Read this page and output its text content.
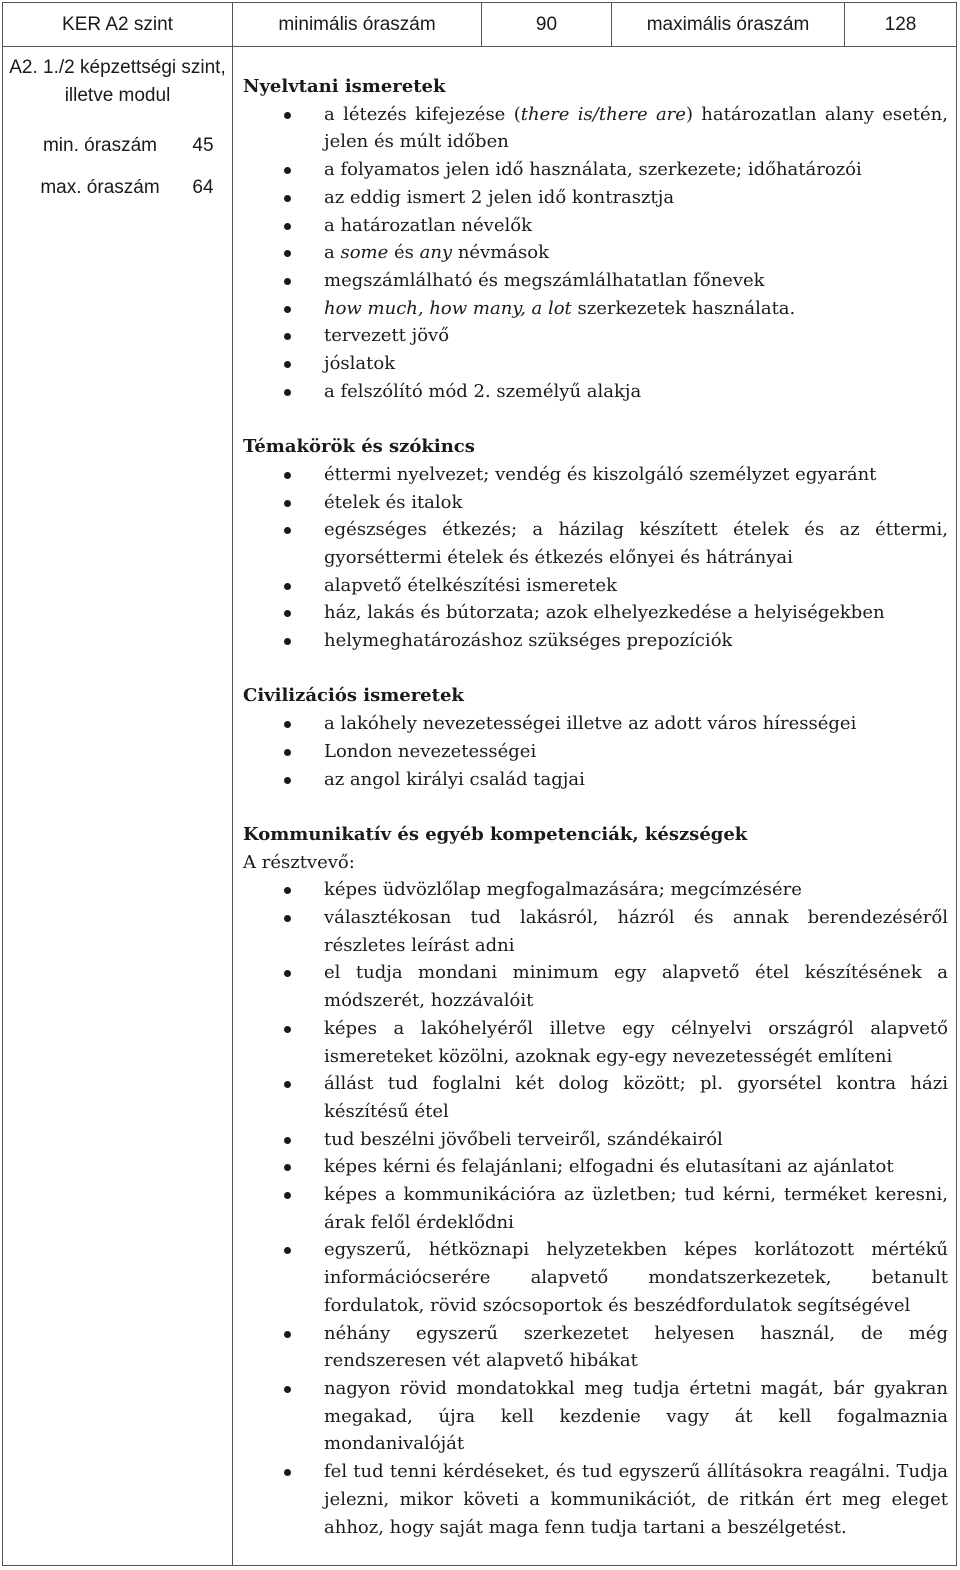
KER A2 szint	minimális óraszám	90	maximális óraszám	128
A2. 1./2 képzettségi szint, illetve modul
min. óraszám	45
max. óraszám	64
Nyelvtani ismeretek
a létezés kifejezése (there is/there are) határozatlan alany esetén, jelen és múlt időben
a folyamatos jelen idő használata, szerkezete; időhatározói
az eddig ismert 2 jelen idő kontrasztja
a határozatlan névelők
a some és any névmások
megszámlálható és megszámlálhatatlan főnevek
how much, how many, a lot szerkezetek használata.
tervezett jövő
jóslatok
a felszólító mód 2. személyű alakja
Témakörök és szókincs
éttermi nyelvezet; vendég és kiszolgáló személyzet egyaránt
ételek és italok
egészséges étkezés; a házilag készített ételek és az éttermi, gyorséttermi ételek és étkezés előnyei és hátrányai
alapvető ételkészítési ismeretek
ház, lakás és bútorzata; azok elhelyezkedése a helyiségekben
helymeghatározáshoz szükséges prepozíciók
Civilizációs ismeretek
a lakóhely nevezetességei illetve az adott város hírességei
London nevezetességei
az angol királyi család tagjai
Kommunikatív és egyéb kompetenciák, készségek
A résztvevő:
képes üdvözlőlap megfogalmazására; megcímzésére
választékosan tud lakásról, házról és annak berendezéséről részletes leírást adni
el tudja mondani minimum egy alapvető étel készítésének a módszerét, hozzávalóit
képes a lakóhelyéről illetve egy célnyelvi országról alapvető ismereteket közölni, azoknak egy-egy nevezetességét említeni
állást tud foglalni két dolog között; pl. gyorsétel kontra házi készítésű étel
tud beszélni jövőbeli terveiről, szándékairól
képes kérni és felajánlani; elfogadni és elutasítani az ajánlatot
képes a kommunikációra az üzletben; tud kérni, terméket keresni, árak felől érdeklődni
egyszerű, hétköznapi helyzetekben képes korlátozott mértékű információcserére alapvető mondatszerkezetek, betanult fordulatok, rövid szócsoportok és beszédfordulatok segítségével
néhány egyszerű szerkezetet helyesen használ, de még rendszeresen vét alapvető hibákat
nagyon rövid mondatokkal meg tudja értetni magát, bár gyakran megakad, újra kell kezdenie vagy át kell fogalmaznia mondanivalóját
fel tud tenni kérdéseket, és tud egyszerű állításokra reagálni. Tudja jelezni, mikor követi a kommunikációt, de ritkán ért meg eleget ahhoz, hogy saját maga fenn tudja tartani a beszélgetést.
